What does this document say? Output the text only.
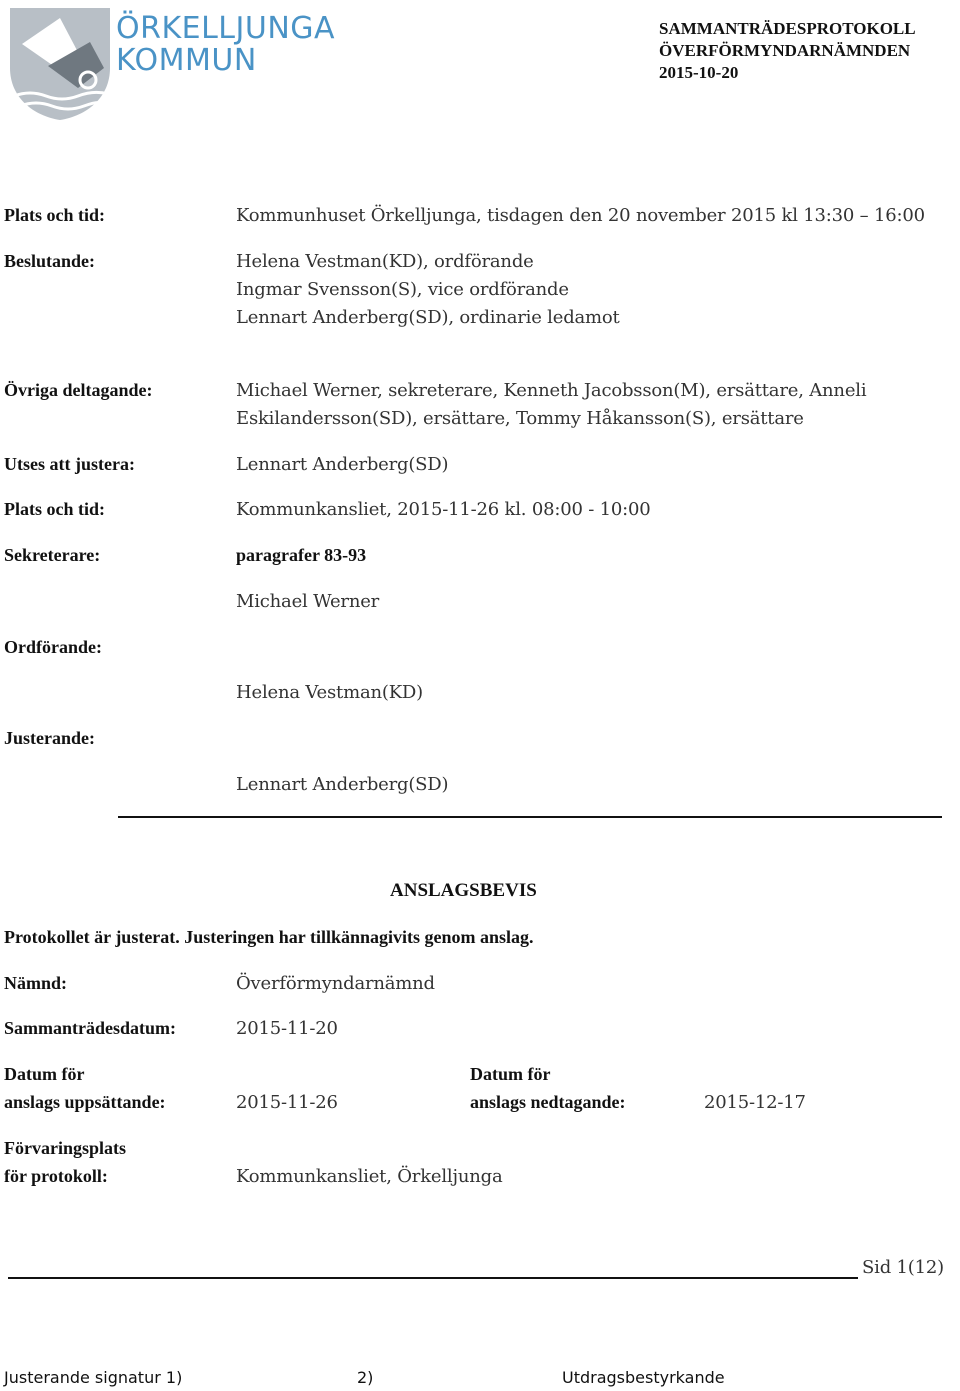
ÖRKELLJUNGA
KOMMUN
SAMMANTRÄDESPROTOKOLL
ÖVERFÖRMYNDARNÄMNDEN
2015-10-20
Plats och tid:	Kommunhuset Örkelljunga, tisdagen den 20 november 2015 kl 13:30 – 16:00
Beslutande:	Helena Vestman(KD), ordförande
Ingmar Svensson(S), vice ordförande
Lennart Anderberg(SD), ordinarie ledamot
Övriga deltagande:	Michael Werner, sekreterare, Kenneth Jacobsson(M), ersättare, Anneli
Eskilandersson(SD), ersättare, Tommy Håkansson(S), ersättare
Utses att justera:	Lennart Anderberg(SD)
Plats och tid:	Kommunkansliet, 2015-11-26 kl. 08:00 - 10:00
Sekreterare:	paragrafer 83-93
Michael Werner
Ordförande:
Helena Vestman(KD)
Justerande:
Lennart Anderberg(SD)
ANSLAGSBEVIS
Protokollet är justerat. Justeringen har tillkännagivits genom anslag.
Nämnd:	Överförmyndarnämnd
Sammanträdesdatum:	2015-11-20
Datum för
anslags uppsättande:	2015-11-26
Datum för
anslags nedtagande:	2015-12-17
Förvaringsplats
för protokoll:	Kommunkansliet, Örkelljunga
Sid 1(12)
Justerande signatur 1)	2)	Utdragsbestyrkande
